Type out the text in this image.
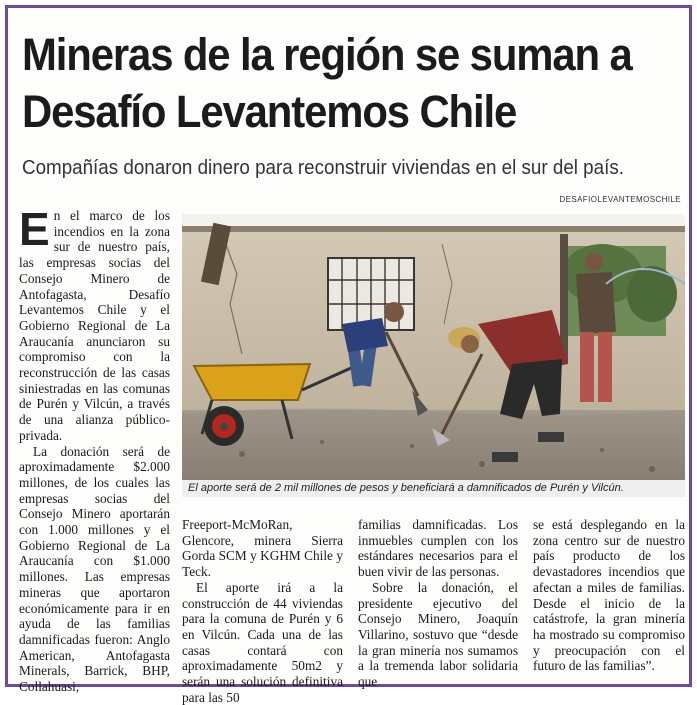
Mineras de la región se suman a
Desafío Levantemos Chile
Compañías donaron dinero para reconstruir viviendas en el sur del país.
DESAFIOLEVANTEMOSCHILE

En el marco de los incendios en la zona sur de nuestro país, las empresas socias del Consejo Minero de Antofagasta, Desafío Levantemos Chile y el Gobierno Regional de La Araucanía anunciaron su compromiso con la reconstrucción de las casas siniestradas en las comunas de Purén y Vilcún, a través de una alianza público-privada.

La donación será de aproximadamente $2.000 millones, de los cuales las empresas socias del Consejo Minero aportarán con 1.000 millones y el Gobierno Regional de La Araucanía con $1.000 millones. Las empresas mineras que aportaron económicamente para ir en ayuda de las familias damnificadas fueron: Anglo American, Antofagasta Minerals, Barrick, BHP, Collahuasi,

El aporte será de 2 mil millones de pesos y beneficiará a damnificados de Purén y Vilcún.

Freeport-McMoRan, Glencore, minera Sierra Gorda SCM y KGHM Chile y Teck.

El aporte irá a la construcción de 44 viviendas para la comuna de Purén y 6 en Vilcún. Cada una de las casas contará con aproximadamente 50m2 y serán una solución definitiva para las 50

familias damnificadas. Los inmuebles cumplen con los estándares necesarios para el buen vivir de las personas.

Sobre la donación, el presidente ejecutivo del Consejo Minero, Joaquín Villarino, sostuvo que “desde la gran minería nos sumamos a la tremenda labor solidaria que

se está desplegando en la zona centro sur de nuestro país producto de los devastadores incendios que afectan a miles de familias. Desde el inicio de la catástrofe, la gran minería ha mostrado su compromiso y preocupación con el futuro de las familias”.
